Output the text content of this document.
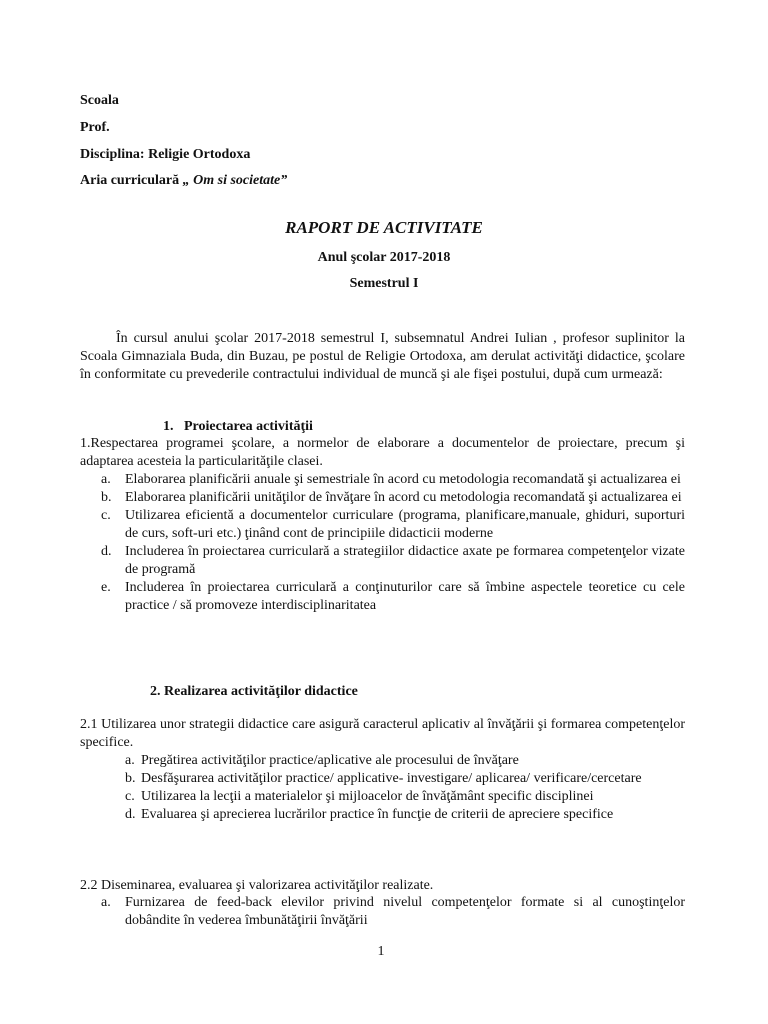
Scoala

Prof.

Disciplina: Religie Ortodoxa

Aria curriculară „ Om si societate”

RAPORT DE ACTIVITATE

Anul şcolar 2017-2018

Semestrul I

În cursul anului şcolar 2017-2018 semestrul I, subsemnatul Andrei Iulian , profesor suplinitor la Scoala Gimnaziala Buda, din Buzau, pe postul de Religie Ortodoxa, am derulat activităţi didactice, şcolare în conformitate cu prevederile contractului individual de muncă şi ale fişei postului, după cum urmează:

1. Proiectarea activităţii

1.Respectarea programei şcolare, a normelor de elaborare a documentelor de proiectare, precum şi adaptarea acesteia la particularităţile clasei.

a. Elaborarea planificării anuale şi semestriale în acord cu metodologia recomandată şi actualizarea ei
b. Elaborarea planificării unităţilor de învăţare în acord cu metodologia recomandată şi actualizarea ei
c. Utilizarea eficientă a documentelor curriculare (programa, planificare,manuale, ghiduri, suporturi de curs, soft-uri etc.) ţinând cont de principiile didacticii moderne
d. Includerea în proiectarea curriculară a strategiilor didactice axate pe formarea competenţelor vizate de programă
e. Includerea în proiectarea curriculară a conţinuturilor care să îmbine aspectele teoretice cu cele practice / să promoveze interdisciplinaritatea

2. Realizarea activităţilor didactice

2.1 Utilizarea unor strategii didactice care asigură caracterul aplicativ al învăţării şi formarea competenţelor specifice.

a. Pregătirea activităţilor practice/aplicative ale procesului de învăţare
b. Desfăşurarea activităţilor practice/ applicative- investigare/ aplicarea/ verificare/cercetare
c. Utilizarea la lecţii a materialelor şi mijloacelor de învăţământ specific disciplinei
d. Evaluarea şi aprecierea lucrărilor practice în funcţie de criterii de apreciere specifice

2.2 Diseminarea, evaluarea şi valorizarea activităţilor realizate.

a. Furnizarea de feed-back elevilor privind nivelul competenţelor formate si al cunoştinţelor dobândite în vederea îmbunătăţirii învăţării

1
